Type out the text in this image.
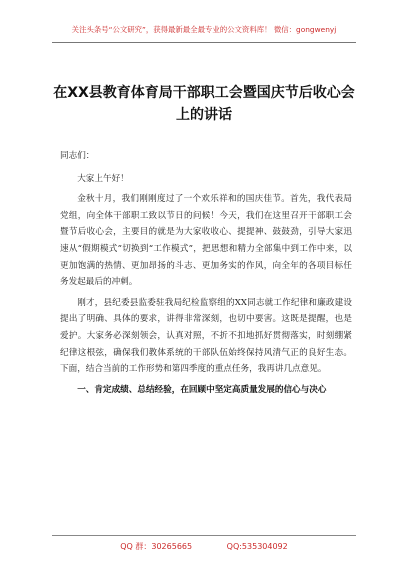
关注头条号“公文研究”，获得最新最全最专业的公文资料库！ 微信：gongwenyj
在XX县教育体育局干部职工会暨国庆节后收心会上的讲话

同志们：

大家上午好！

金秋十月，我们刚刚度过了一个欢乐祥和的国庆佳节。首先，我代表局党组，向全体干部职工致以节日的问候！今天，我们在这里召开干部职工会暨节后收心会，主要目的就是为大家收收心、提提神、鼓鼓劲，引导大家迅速从“假期模式”切换到“工作模式”，把思想和精力全部集中到工作中来，以更加饱满的热情、更加昂扬的斗志、更加务实的作风，向全年的各项目标任务发起最后的冲刺。

刚才，县纪委县监委驻我局纪检监察组的XX同志就工作纪律和廉政建设提出了明确、具体的要求，讲得非常深刻，也切中要害。这既是提醒，也是爱护。大家务必深刻领会，认真对照，不折不扣地抓好贯彻落实，时刻绷紧纪律这根弦，确保我们教体系统的干部队伍始终保持风清气正的良好生态。下面，结合当前的工作形势和第四季度的重点任务，我再讲几点意见。

一、肯定成绩、总结经验，在回顾中坚定高质量发展的信心与决心

QQ 群：30265665	QQ:535304092
